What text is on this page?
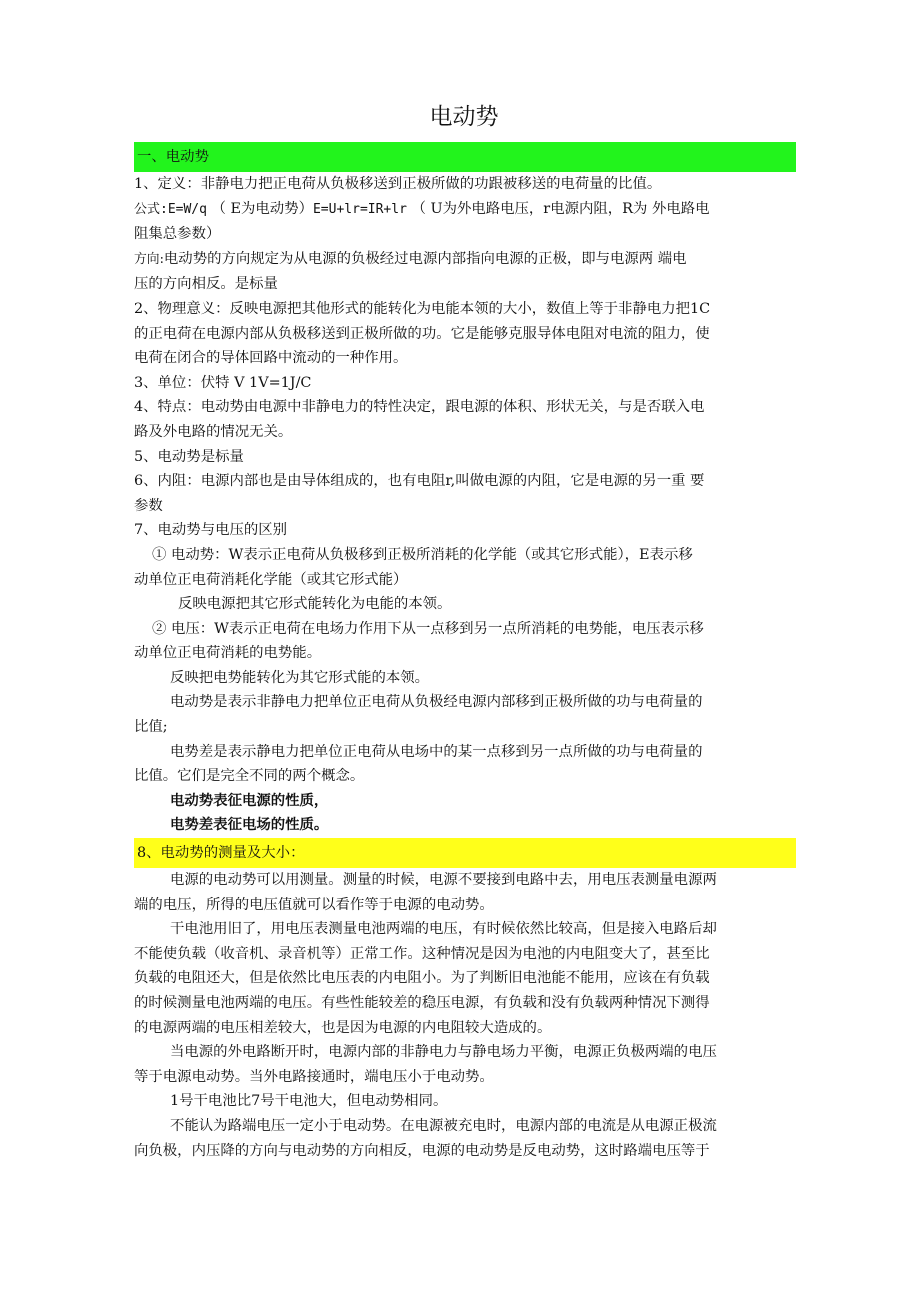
电动势
一、电动势

1、定义：非静电力把正电荷从负极移送到正极所做的功跟被移送的电荷量的比值。

公式:E=W/q （ E为电动势）E=U+lr=IR+lr （ U为外电路电压，r电源内阻，R为 外电路电

阻集总参数）

方向:电动势的方向规定为从电源的负极经过电源内部指向电源的正极，即与电源两 端电

压的方向相反。是标量

2、物理意义：反映电源把其他形式的能转化为电能本领的大小，数值上等于非静电力把1C

的正电荷在电源内部从负极移送到正极所做的功。它是能够克服导体电阻对电流的阻力，使

电荷在闭合的导体回路中流动的一种作用。

3、单位：伏特 V 1V=1J/C

4、特点：电动势由电源中非静电力的特性决定，跟电源的体积、形状无关，与是否联入电

路及外电路的情况无关。

5、电动势是标量

6、内阻：电源内部也是由导体组成的，也有电阻r,叫做电源的内阻，它是电源的另一重 要

参数

7、电动势与电压的区别

① 电动势：W表示正电荷从负极移到正极所消耗的化学能（或其它形式能），E表示移

动单位正电荷消耗化学能（或其它形式能）

反映电源把其它形式能转化为电能的本领。

② 电压：W表示正电荷在电场力作用下从一点移到另一点所消耗的电势能，电压表示移

动单位正电荷消耗的电势能。

反映把电势能转化为其它形式能的本领。

电动势是表示非静电力把单位正电荷从负极经电源内部移到正极所做的功与电荷量的

比值;

电势差是表示静电力把单位正电荷从电场中的某一点移到另一点所做的功与电荷量的

比值。它们是完全不同的两个概念。

电动势表征电源的性质，

电势差表征电场的性质。

8、电动势的测量及大小：

电源的电动势可以用测量。测量的时候，电源不要接到电路中去，用电压表测量电源两

端的电压，所得的电压值就可以看作等于电源的电动势。

干电池用旧了，用电压表测量电池两端的电压，有时候依然比较高，但是接入电路后却

不能使负载（收音机、录音机等）正常工作。这种情况是因为电池的内电阻变大了，甚至比

负载的电阻还大，但是依然比电压表的内电阻小。为了判断旧电池能不能用，应该在有负载

的时候测量电池两端的电压。有些性能较差的稳压电源，有负载和没有负载两种情况下测得

的电源两端的电压相差较大，也是因为电源的内电阻较大造成的。

当电源的外电路断开时，电源内部的非静电力与静电场力平衡，电源正负极两端的电压

等于电源电动势。当外电路接通时，端电压小于电动势。

1号干电池比7号干电池大，但电动势相同。

不能认为路端电压一定小于电动势。在电源被充电时，电源内部的电流是从电源正极流

向负极，内压降的方向与电动势的方向相反，电源的电动势是反电动势，这时路端电压等于
